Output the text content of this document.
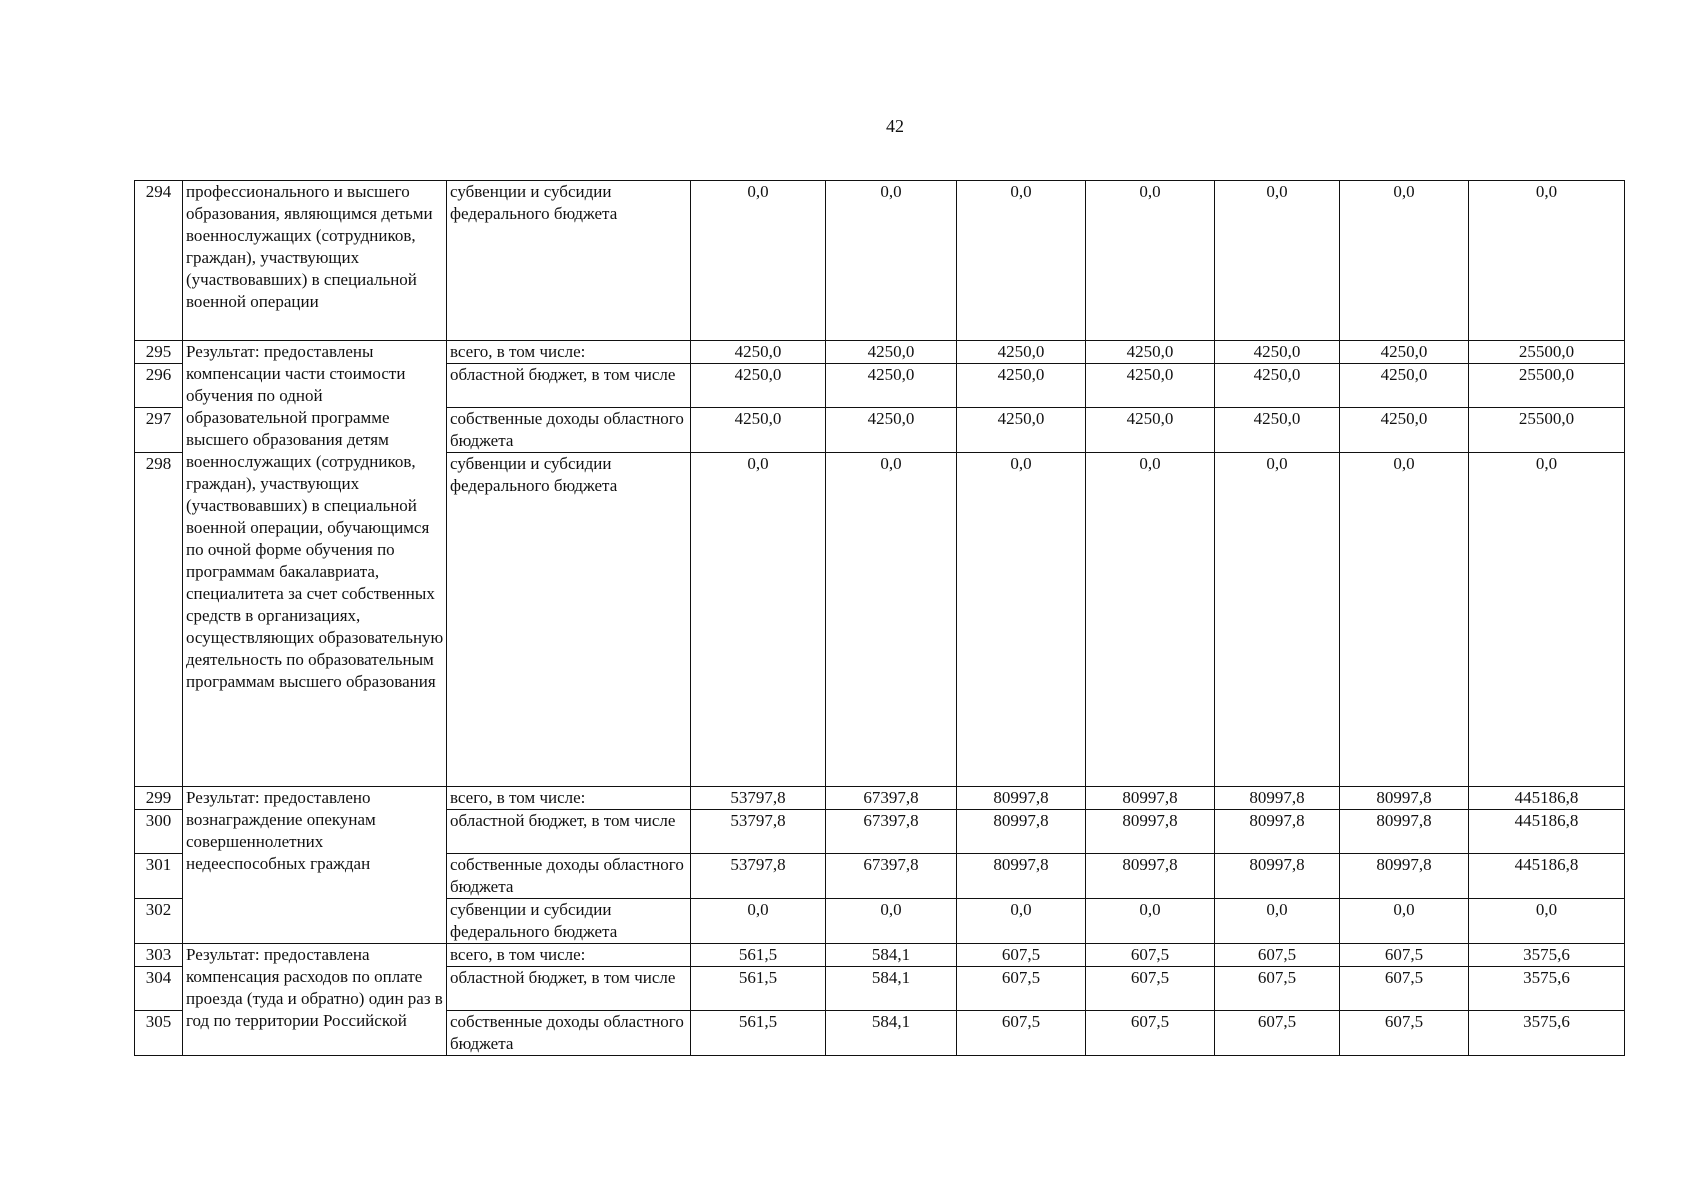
42
294	профессионального и высшего образования, являющимся детьми военнослужащих (сотрудников, граждан), участвующих (участвовавших) в специальной военной операции	субвенции и субсидии федерального бюджета	0,0	0,0	0,0	0,0	0,0	0,0	0,0
295	Результат: предоставлены компенсации части стоимости обучения по одной образовательной программе высшего образования детям военнослужащих (сотрудников, граждан), участвующих (участвовавших) в специальной военной операции, обучающимся по очной форме обучения по программам бакалавриата, специалитета за счет собственных средств в организациях, осуществляющих образовательную деятельность по образовательным программам высшего образования	всего, в том числе:	4250,0	4250,0	4250,0	4250,0	4250,0	4250,0	25500,0
296		областной бюджет, в том числе	4250,0	4250,0	4250,0	4250,0	4250,0	4250,0	25500,0
297		собственные доходы областного бюджета	4250,0	4250,0	4250,0	4250,0	4250,0	4250,0	25500,0
298		субвенции и субсидии федерального бюджета	0,0	0,0	0,0	0,0	0,0	0,0	0,0
299	Результат: предоставлено вознаграждение опекунам совершеннолетних недееспособных граждан	всего, в том числе:	53797,8	67397,8	80997,8	80997,8	80997,8	80997,8	445186,8
300		областной бюджет, в том числе	53797,8	67397,8	80997,8	80997,8	80997,8	80997,8	445186,8
301		собственные доходы областного бюджета	53797,8	67397,8	80997,8	80997,8	80997,8	80997,8	445186,8
302		субвенции и субсидии федерального бюджета	0,0	0,0	0,0	0,0	0,0	0,0	0,0
303	Результат: предоставлена компенсация расходов по оплате проезда (туда и обратно) один раз в год по территории Российской	всего, в том числе:	561,5	584,1	607,5	607,5	607,5	607,5	3575,6
304		областной бюджет, в том числе	561,5	584,1	607,5	607,5	607,5	607,5	3575,6
305		собственные доходы областного бюджета	561,5	584,1	607,5	607,5	607,5	607,5	3575,6
